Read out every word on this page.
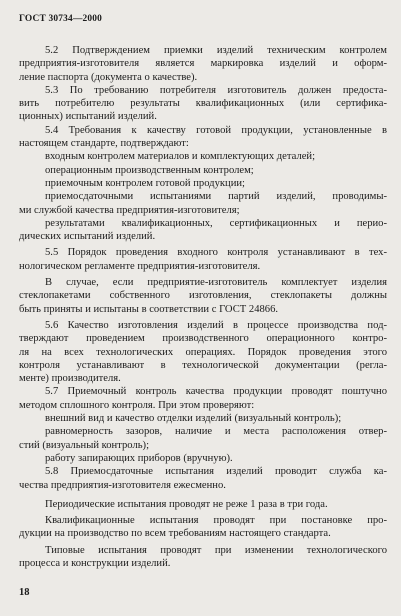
ГОСТ 30734—2000
5.2 Подтверждением приемки изделий техническим контролем
предприятия-изготовителя является маркировка изделий и оформ-
ление паспорта (документа о качестве).
5.3 По требованию потребителя изготовитель должен предоста-
вить потребителю результаты квалификационных (или сертифика-
ционных) испытаний изделий.
5.4 Требования к качеству готовой продукции, установленные в
настоящем стандарте, подтверждают:
входным контролем материалов и комплектующих деталей;
операционным производственным контролем;
приемочным контролем готовой продукции;
приемосдаточными испытаниями партий изделий, проводимы-
ми службой качества предприятия-изготовителя;
результатами квалификационных, сертификационных и перио-
дических испытаний изделий.
5.5 Порядок проведения входного контроля устанавливают в тех-
нологическом регламенте предприятия-изготовителя.
В случае, если предприятие-изготовитель комплектует изделия
стеклопакетами собственного изготовления, стеклопакеты должны
быть приняты и испытаны в соответствии с ГОСТ 24866.
5.6 Качество изготовления изделий в процессе производства под-
тверждают проведением производственного операционного контро-
ля на всех технологических операциях. Порядок проведения этого
контроля устанавливают в технологической документации (регла-
менте) производителя.
5.7 Приемочный контроль качества продукции проводят поштучно
методом сплошного контроля. При этом проверяют:
внешний вид и качество отделки изделий (визуальный контроль);
равномерность зазоров, наличие и места расположения отвер-
стий (визуальный контроль);
работу запирающих приборов (вручную).
5.8 Приемосдаточные испытания изделий проводит служба ка-
чества предприятия-изготовителя ежесменно.
Периодические испытания проводят не реже 1 раза в три года.
Квалификационные испытания проводят при постановке про-
дукции на производство по всем требованиям настоящего стандарта.
Типовые испытания проводят при изменении технологического
процесса и конструкции изделий.
18
